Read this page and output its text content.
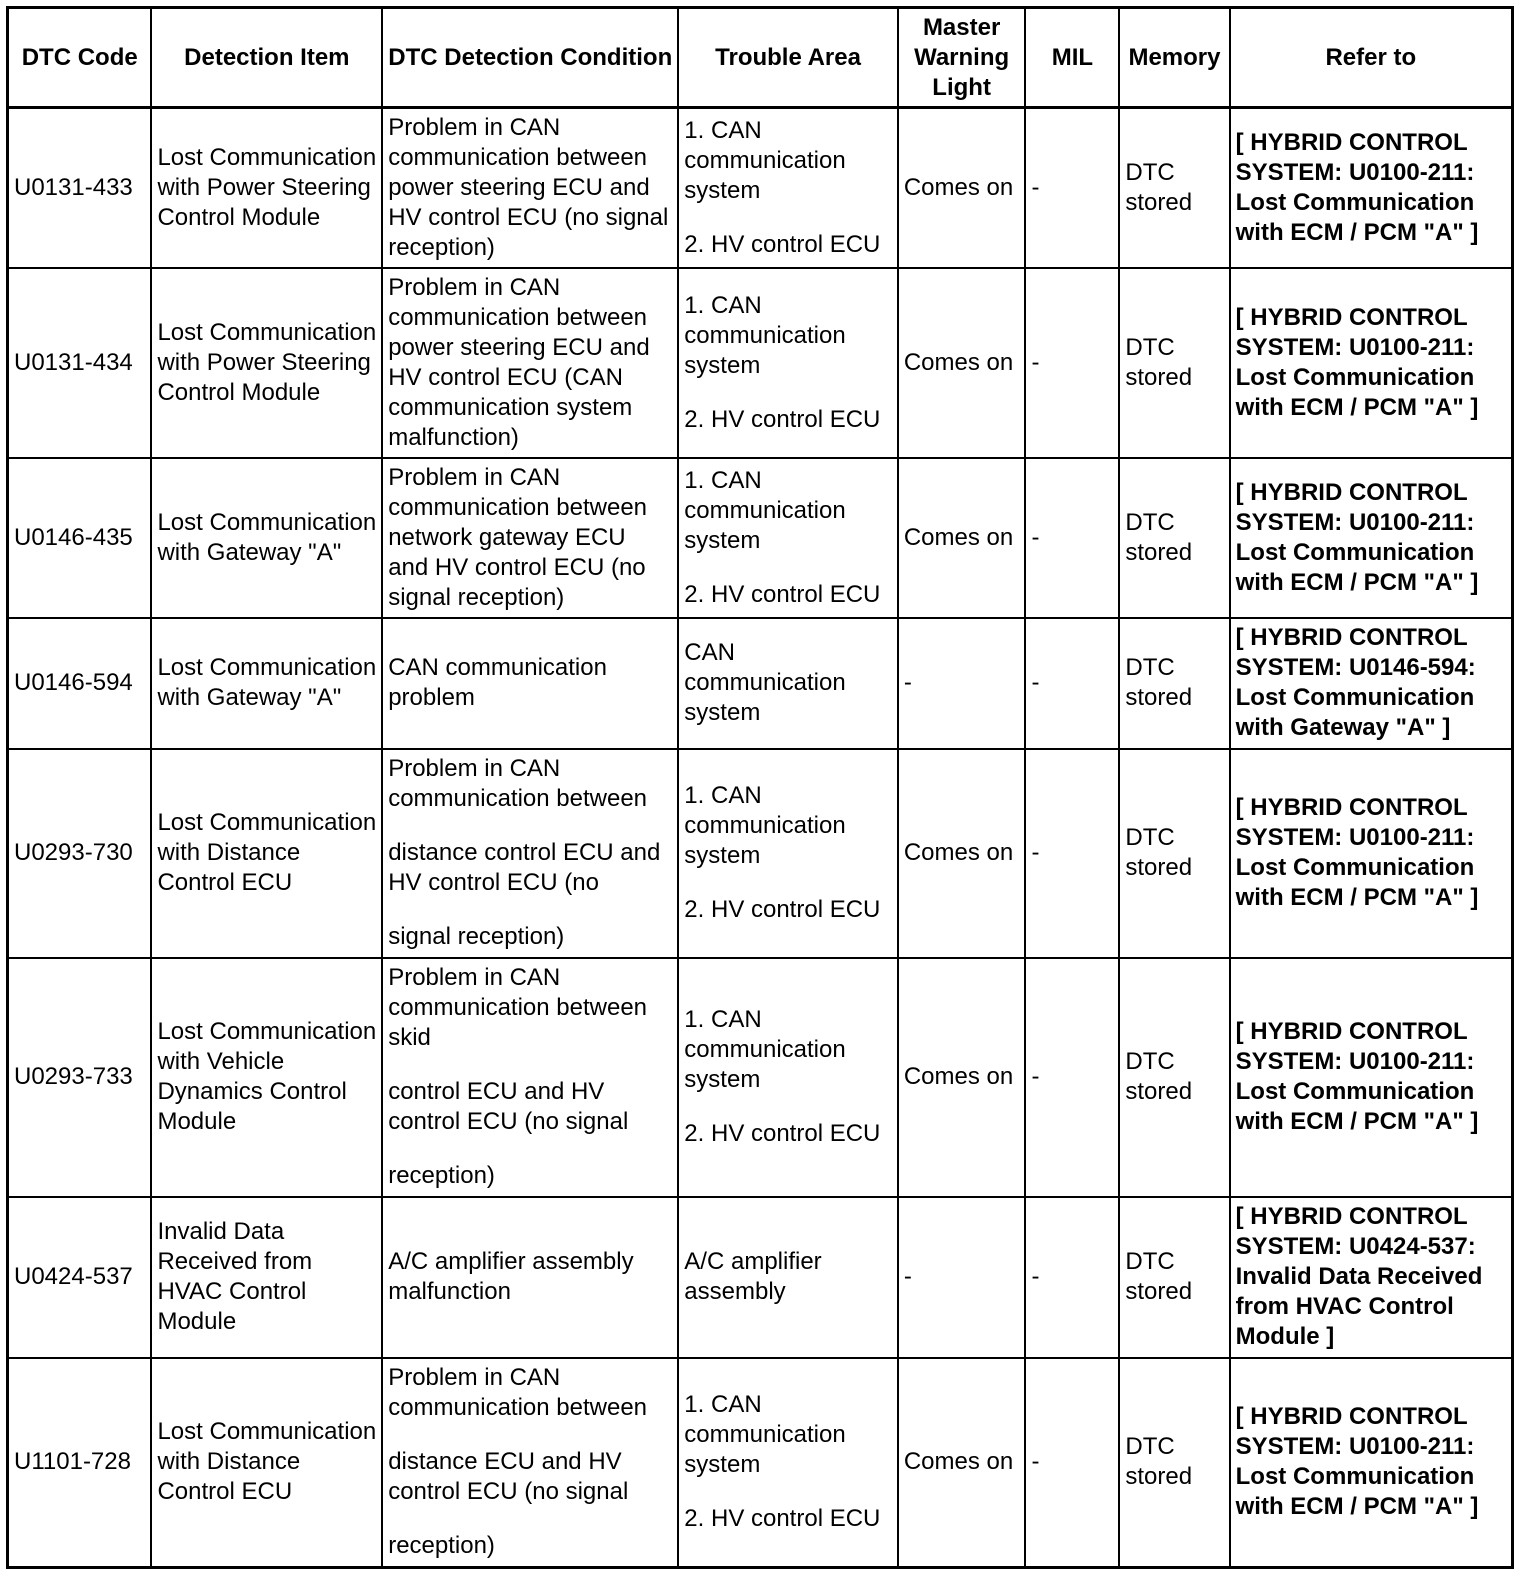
DTC Code	Detection Item	DTC Detection Condition	Trouble Area	Master Warning Light	MIL	Memory	Refer to
U0131-433	Lost Communication with Power Steering Control Module	Problem in CAN communication between power steering ECU and HV control ECU (no signal reception)	1. CAN communication system
2. HV control ECU	Comes on	-	DTC stored	[ HYBRID CONTROL SYSTEM: U0100-211: Lost Communication with ECM / PCM "A" ]
U0131-434	Lost Communication with Power Steering Control Module	Problem in CAN communication between power steering ECU and HV control ECU (CAN communication system malfunction)	1. CAN communication system
2. HV control ECU	Comes on	-	DTC stored	[ HYBRID CONTROL SYSTEM: U0100-211: Lost Communication with ECM / PCM "A" ]
U0146-435	Lost Communication with Gateway "A"	Problem in CAN communication between network gateway ECU and HV control ECU (no signal reception)	1. CAN communication system
2. HV control ECU	Comes on	-	DTC stored	[ HYBRID CONTROL SYSTEM: U0100-211: Lost Communication with ECM / PCM "A" ]
U0146-594	Lost Communication with Gateway "A"	CAN communication problem	CAN communication system	-	-	DTC stored	[ HYBRID CONTROL SYSTEM: U0146-594: Lost Communication with Gateway "A" ]
U0293-730	Lost Communication with Distance Control ECU	Problem in CAN communication between
distance control ECU and HV control ECU (no
signal reception)	1. CAN communication system
2. HV control ECU	Comes on	-	DTC stored	[ HYBRID CONTROL SYSTEM: U0100-211: Lost Communication with ECM / PCM "A" ]
U0293-733	Lost Communication with Vehicle Dynamics Control Module	Problem in CAN communication between skid
control ECU and HV control ECU (no signal
reception)	1. CAN communication system
2. HV control ECU	Comes on	-	DTC stored	[ HYBRID CONTROL SYSTEM: U0100-211: Lost Communication with ECM / PCM "A" ]
U0424-537	Invalid Data Received from HVAC Control Module	A/C amplifier assembly malfunction	A/C amplifier assembly	-	-	DTC stored	[ HYBRID CONTROL SYSTEM: U0424-537: Invalid Data Received from HVAC Control Module ]
U1101-728	Lost Communication with Distance Control ECU	Problem in CAN communication between
distance ECU and HV control ECU (no signal
reception)	1. CAN communication system
2. HV control ECU	Comes on	-	DTC stored	[ HYBRID CONTROL SYSTEM: U0100-211: Lost Communication with ECM / PCM "A" ]
